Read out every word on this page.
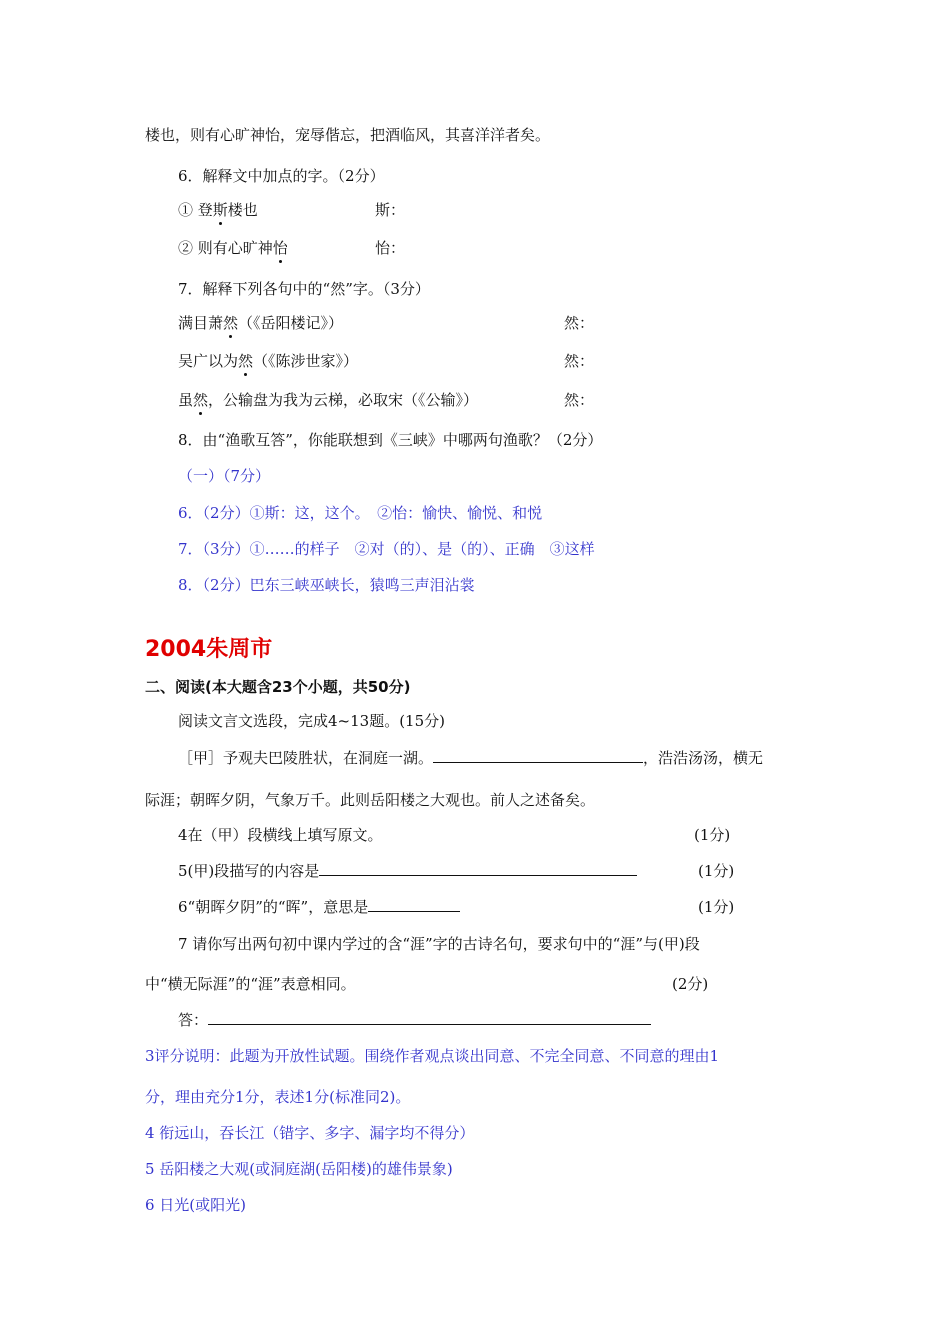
楼也，则有心旷神怡，宠辱偕忘，把酒临风，其喜洋洋者矣。
6．解释文中加点的字。（2分）
① 登斯楼也	斯：
② 则有心旷神怡	怡：
7．解释下列各句中的“然”字。（3分）
满目萧然（《岳阳楼记》）	然：
吴广以为然（《陈涉世家》）	然：
虽然，公输盘为我为云梯，必取宋（《公输》）	然：
8．由“渔歌互答”，你能联想到《三峡》中哪两句渔歌？（2分）
（一）（7分）
6．（2分）①斯：这，这个。　②怡：愉快、愉悦、和悦
7．（3分）①……的样子　②对（的）、是（的）、正确　③这样
8．（2分）巴东三峡巫峡长，猿鸣三声泪沾裳
2004朱周市
二、阅读(本大题含23个小题，共50分)
阅读文言文选段，完成4~13题。(15分)
［甲］予观夫巴陵胜状，在洞庭一湖。	，浩浩汤汤，横无
际涯；朝晖夕阴，气象万千。此则岳阳楼之大观也。前人之述备矣。
4在（甲）段横线上填写原文。	(1分)
5(甲)段描写的内容是	(1分)
6“朝晖夕阴”的“晖”，意思是	(1分)
7 请你写出两句初中课内学过的含“涯”字的古诗名句，要求句中的“涯”与(甲)段
中“横无际涯”的“涯”表意相同。	(2分)
答：
3评分说明：此题为开放性试题。围绕作者观点谈出同意、不完全同意、不同意的理由1
分，理由充分1分，表述1分(标准同2)。
4 衔远山，吞长江（错字、多字、漏字均不得分）
5 岳阳楼之大观(或洞庭湖(岳阳楼)的雄伟景象)
6 日光(或阳光)
